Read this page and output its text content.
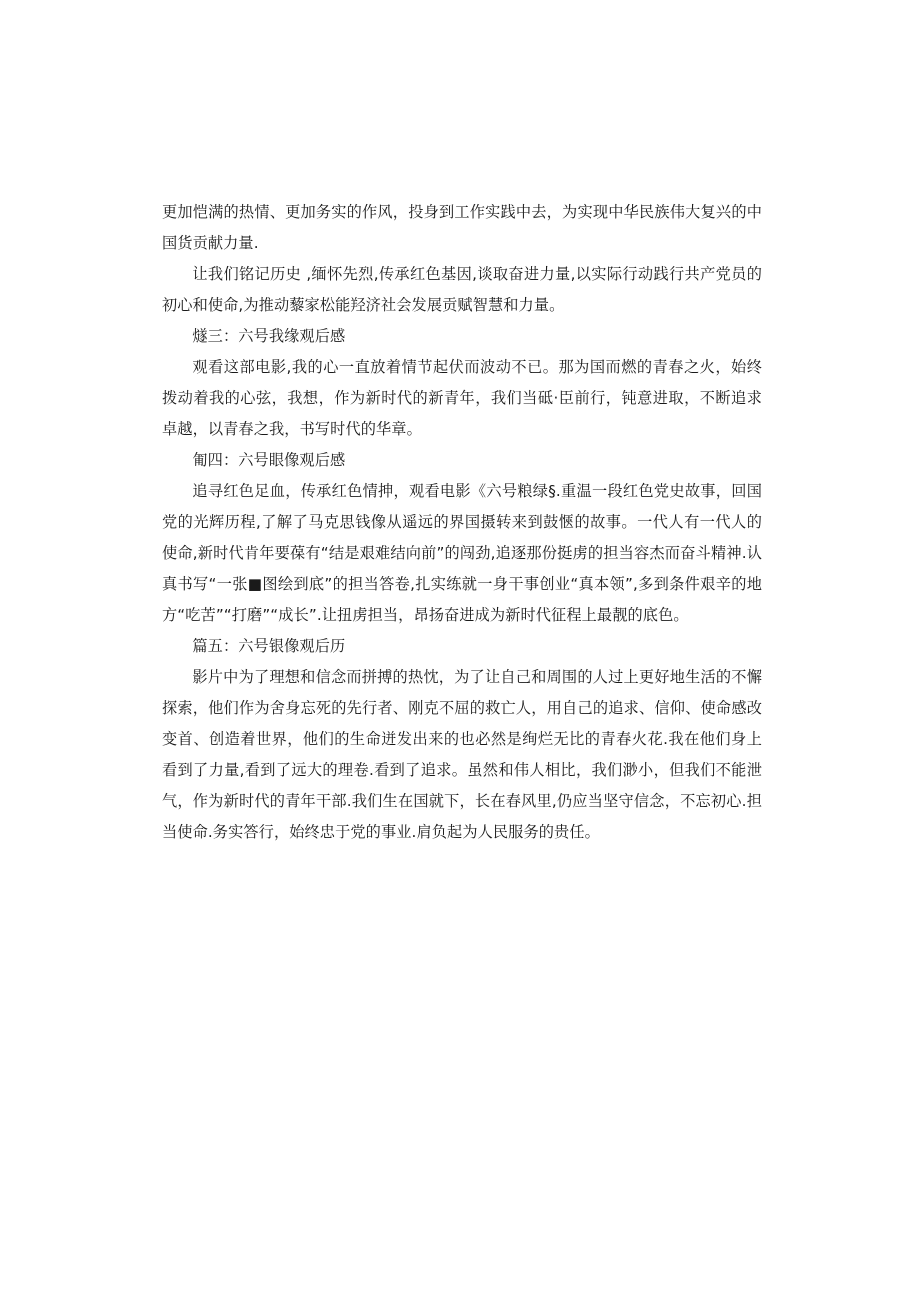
更加恺满的热情、更加务实的作风，投身到工作实践中去，为实现中华民族伟大复兴的中国货贡献力量.

让我们铭记历史 ,缅怀先烈,传承红色基因,谈取奋进力量,以实际行动践行共产党员的初心和使命,为推动藜家松能羟济社会发展贡赋智慧和力量。

燧三：六号我缘观后感

观看这部电影,我的心一直放着情节起伏而波动不已。那为国而燃的青春之火，始终拨动着我的心弦，我想，作为新时代的新青年，我们当砥·臣前行，钝意进取，不断追求卓越，以青春之我，书写时代的华章。

匍四：六号眼像观后感

追寻红色足血，传承红色情抻，观看电影《六号粮绿§.重温一段红色党史故事，回国党的光辉历程,了解了马克思钱像从遥远的界国摄转来到鼓愜的故事。一代人有一代人的使命,新时代肯年要葆有“结是艰难结向前”的闯劲,追逐那份挺虏的担当容杰而奋斗精神.认真书写“一张■图绘到底”的担当答卷,扎实练就一身干事创业“真本领”,多到条件艰辛的地方“吃苦”“打磨”“成长”.让扭虏担当，昂扬奋进成为新时代征程上最靓的底色。

篇五：六号银像观后历

影片中为了理想和信念而拼搏的热忱，为了让自己和周围的人过上更好地生活的不懈探索，他们作为舍身忘死的先行者、刚克不屈的救亡人，用自己的追求、信仰、使命感改变首、创造着世界，他们的生命迸发出来的也必然是绚烂无比的青春火花.我在他们身上看到了力量,看到了远大的理卷.看到了追求。虽然和伟人相比，我们渺小，但我们不能泄气，作为新时代的青年干部.我们生在国就下，长在春风里,仍应当坚守信念，不忘初心.担当使命.务实答行，始终忠于党的事业.肩负起为人民服务的贵任。
